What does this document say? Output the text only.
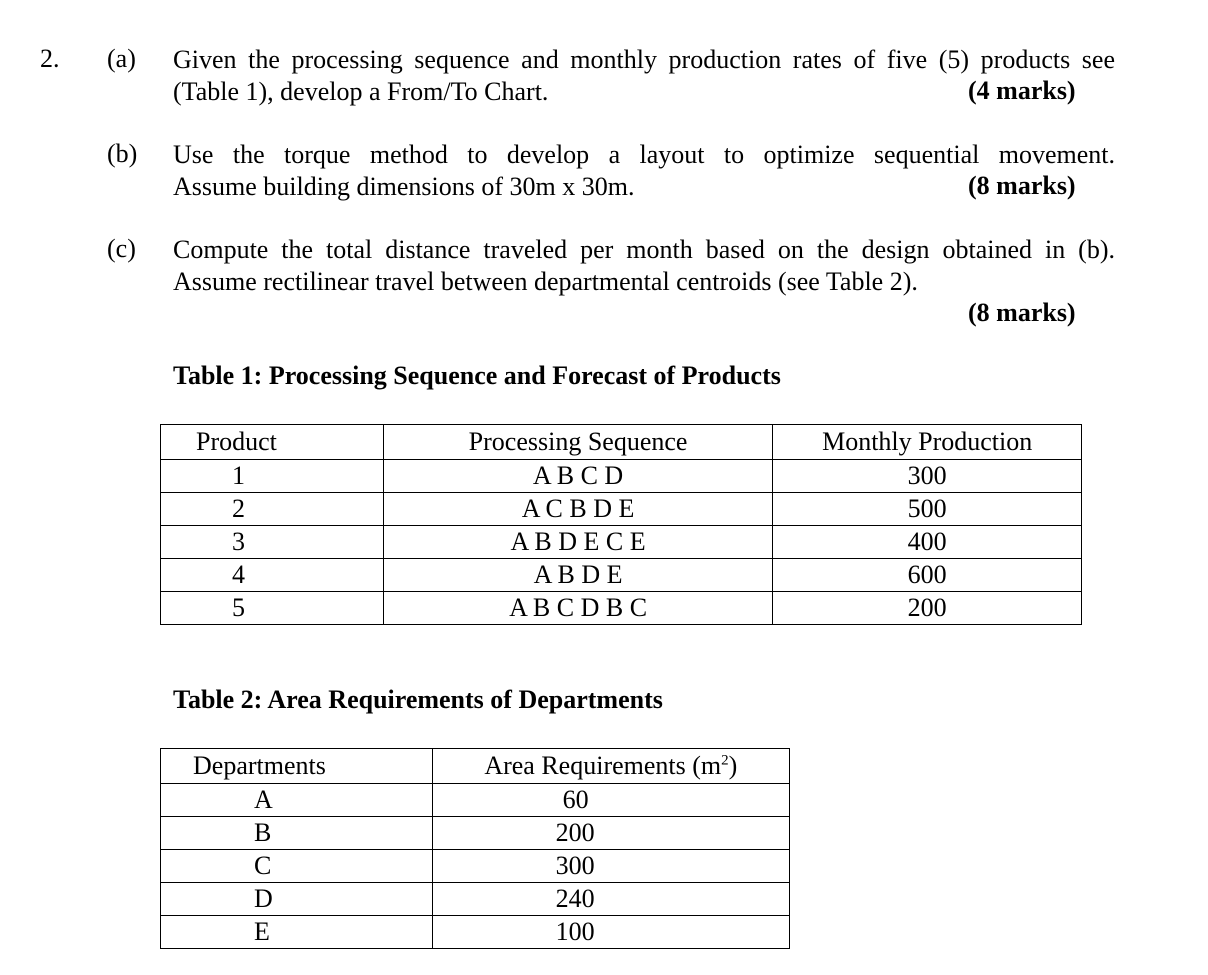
2. (a) Given the processing sequence and monthly production rates of five (5) products see
(Table 1), develop a From/To Chart.	(4 marks)
(b) Use the torque method to develop a layout to optimize sequential movement.
Assume building dimensions of 30m x 30m.	(8 marks)
(c) Compute the total distance traveled per month based on the design obtained in (b).
Assume rectilinear travel between departmental centroids (see Table 2).
(8 marks)
Table 1: Processing Sequence and Forecast of Products
Product	Processing Sequence	Monthly Production
1	A B C D	300
2	A C B D E	500
3	A B D E C E	400
4	A B D E	600
5	A B C D B C	200
Table 2: Area Requirements of Departments
Departments	Area Requirements $(m^2)$
A	60
B	200
C	300
D	240
E	100
